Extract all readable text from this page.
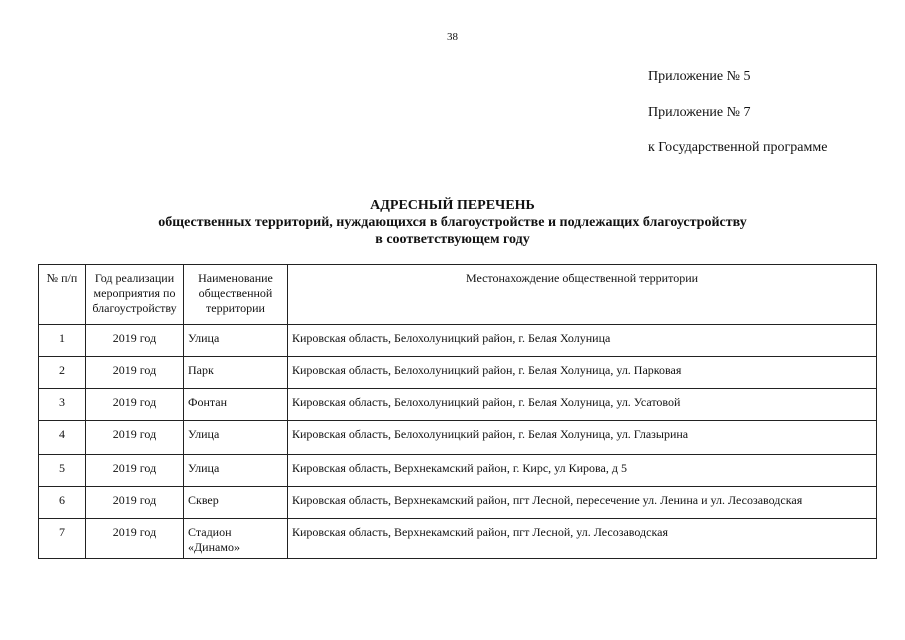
38
Приложение № 5
Приложение № 7
к Государственной программе
АДРЕСНЫЙ ПЕРЕЧЕНЬ
общественных территорий, нуждающихся в благоустройстве и подлежащих благоустройству
в соответствующем году
№ п/п	Год реализации мероприятия по благоустройству	Наименование общественной территории	Местонахождение общественной территории
1	2019 год	Улица	Кировская область, Белохолуницкий район, г. Белая Холуница
2	2019 год	Парк	Кировская область, Белохолуницкий район, г. Белая Холуница, ул. Парковая
3	2019 год	Фонтан	Кировская область, Белохолуницкий район, г. Белая Холуница, ул. Усатовой
4	2019 год	Улица	Кировская область, Белохолуницкий район, г. Белая Холуница, ул. Глазырина
5	2019 год	Улица	Кировская область, Верхнекамский район, г. Кирс, ул Кирова, д 5
6	2019 год	Сквер	Кировская область, Верхнекамский район, пгт Лесной, пересечение ул. Ленина и ул. Лесозаводская
7	2019 год	Стадион «Динамо»	Кировская область, Верхнекамский район, пгт Лесной, ул. Лесозаводская
